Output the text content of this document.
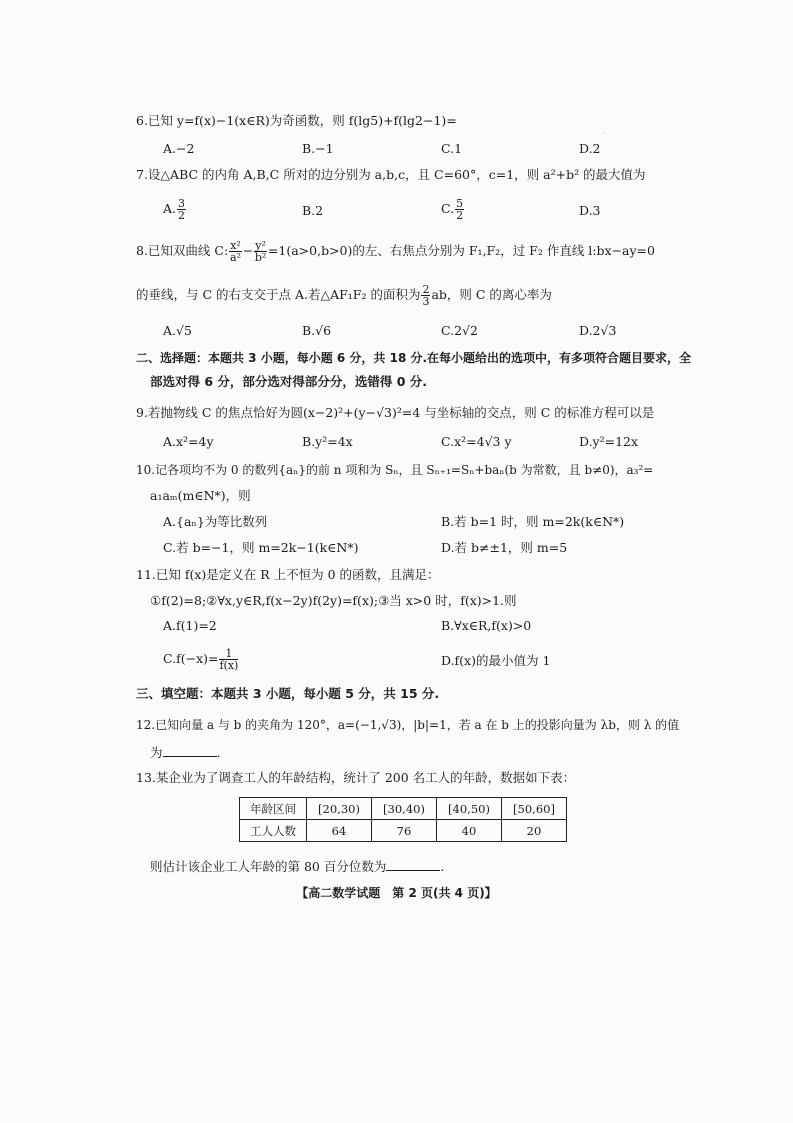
6.已知 y=f(x)−1(x∈R)为奇函数，则 f(lg5)+f(lg2−1)=
A.−2	B.−1	C.1	D.2
ˊ
7.设△ABC 的内角 A,B,C 所对的边分别为 a,b,c，且 C=60°，c=1，则 a²+b² 的最大值为
A. $\frac{3}{2}$	B.2	C. $\frac{5}{2}$	D.3
8.已知双曲线 C: $\frac{\text{x²}}{\text{a²}} - \frac{\text{y²}}{\text{b²}} =1(a>0,b>0)$的左、右焦点分别为 F₁,F₂，过 F₂ 作直线 l:bx−ay=0
的垂线，与 C 的右支交于点 A.若△AF₁F₂ 的面积为 $\frac{2}{3}$ ab，则 C 的离心率为
A.√5	B.√6	C.2√2	D.2√3
二、选择题：本题共 3 小题，每小题 6 分，共 18 分.在每小题给出的选项中，有多项符合题目要求，全
部选对得 6 分，部分选对得部分分，选错得 0 分.
9.若抛物线 C 的焦点恰好为圆(x−2)²+(y−√3)²=4 与坐标轴的交点，则 C 的标准方程可以是
A.x²=4y	B.y²=4x	C.x²=4√3 y	D.y²=12x
10.记各项均不为 0 的数列{aₙ}的前 n 项和为 Sₙ，且 Sₙ₊₁=Sₙ+baₙ(b 为常数，且 b≠0)，a₃²=
a₁aₘ(m∈N*)，则
A.{aₙ}为等比数列	B.若 b=1 时，则 m=2k(k∈N*)
C.若 b=−1，则 m=2k−1(k∈N*)	D.若 b≠±1，则 m=5
11.已知 f(x)是定义在 R 上不恒为 0 的函数，且满足：
①f(2)=8;②∀x,y∈R,f(x−2y)f(2y)=f(x);③当 x>0 时，f(x)>1.则
A.f(1)=2	B.∀x∈R,f(x)>0
$C.f(-x)= \frac{1}{f(x)}$	D.f(x)的最小值为 1
三、填空题：本题共 3 小题，每小题 5 分，共 15 分.
12.已知向量 a 与 b 的夹角为 120°，a=(−1,√3)，|b|=1，若 a 在 b 上的投影向量为 λb，则 λ 的值
为	.
13.某企业为了调查工人的年龄结构，统计了 200 名工人的年龄，数据如下表：
年龄区间	[20,30)	[30,40)	[40,50)	[50,60]
工人人数	64	76	40	20
则估计该企业工人年龄的第 80 百分位数为	.
【高二数学试题　第 2 页(共 4 页)】
